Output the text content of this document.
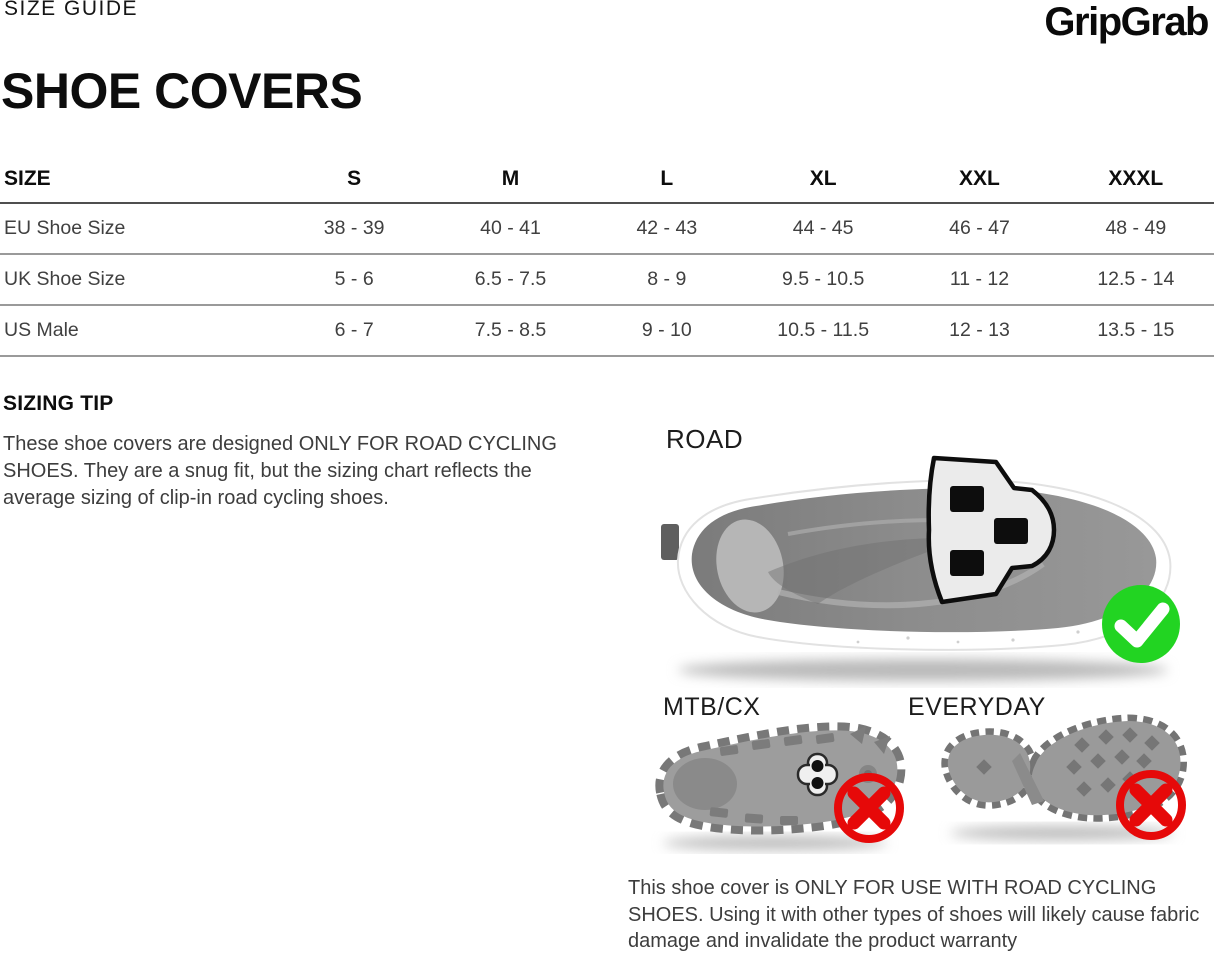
SIZE GUIDE	GripGrab
SHOE COVERS
SIZE	S	M	L	XL	XXL	XXXL
EU Shoe Size	38 - 39	40 - 41	42 - 43	44 - 45	46 - 47	48 - 49
UK Shoe Size	5 - 6	6.5 - 7.5	8 - 9	9.5 - 10.5	11 - 12	12.5 - 14
US Male	6 - 7	7.5 - 8.5	9 - 10	10.5 - 11.5	12 - 13	13.5 - 15
SIZING TIP
These shoe covers are designed ONLY FOR ROAD CYCLING SHOES. They are a snug fit, but the sizing chart reflects the average sizing of clip-in road cycling shoes.
ROAD
MTB/CX	EVERYDAY
This shoe cover is ONLY FOR USE WITH ROAD CYCLING SHOES. Using it with other types of shoes will likely cause fabric damage and invalidate the product warranty
